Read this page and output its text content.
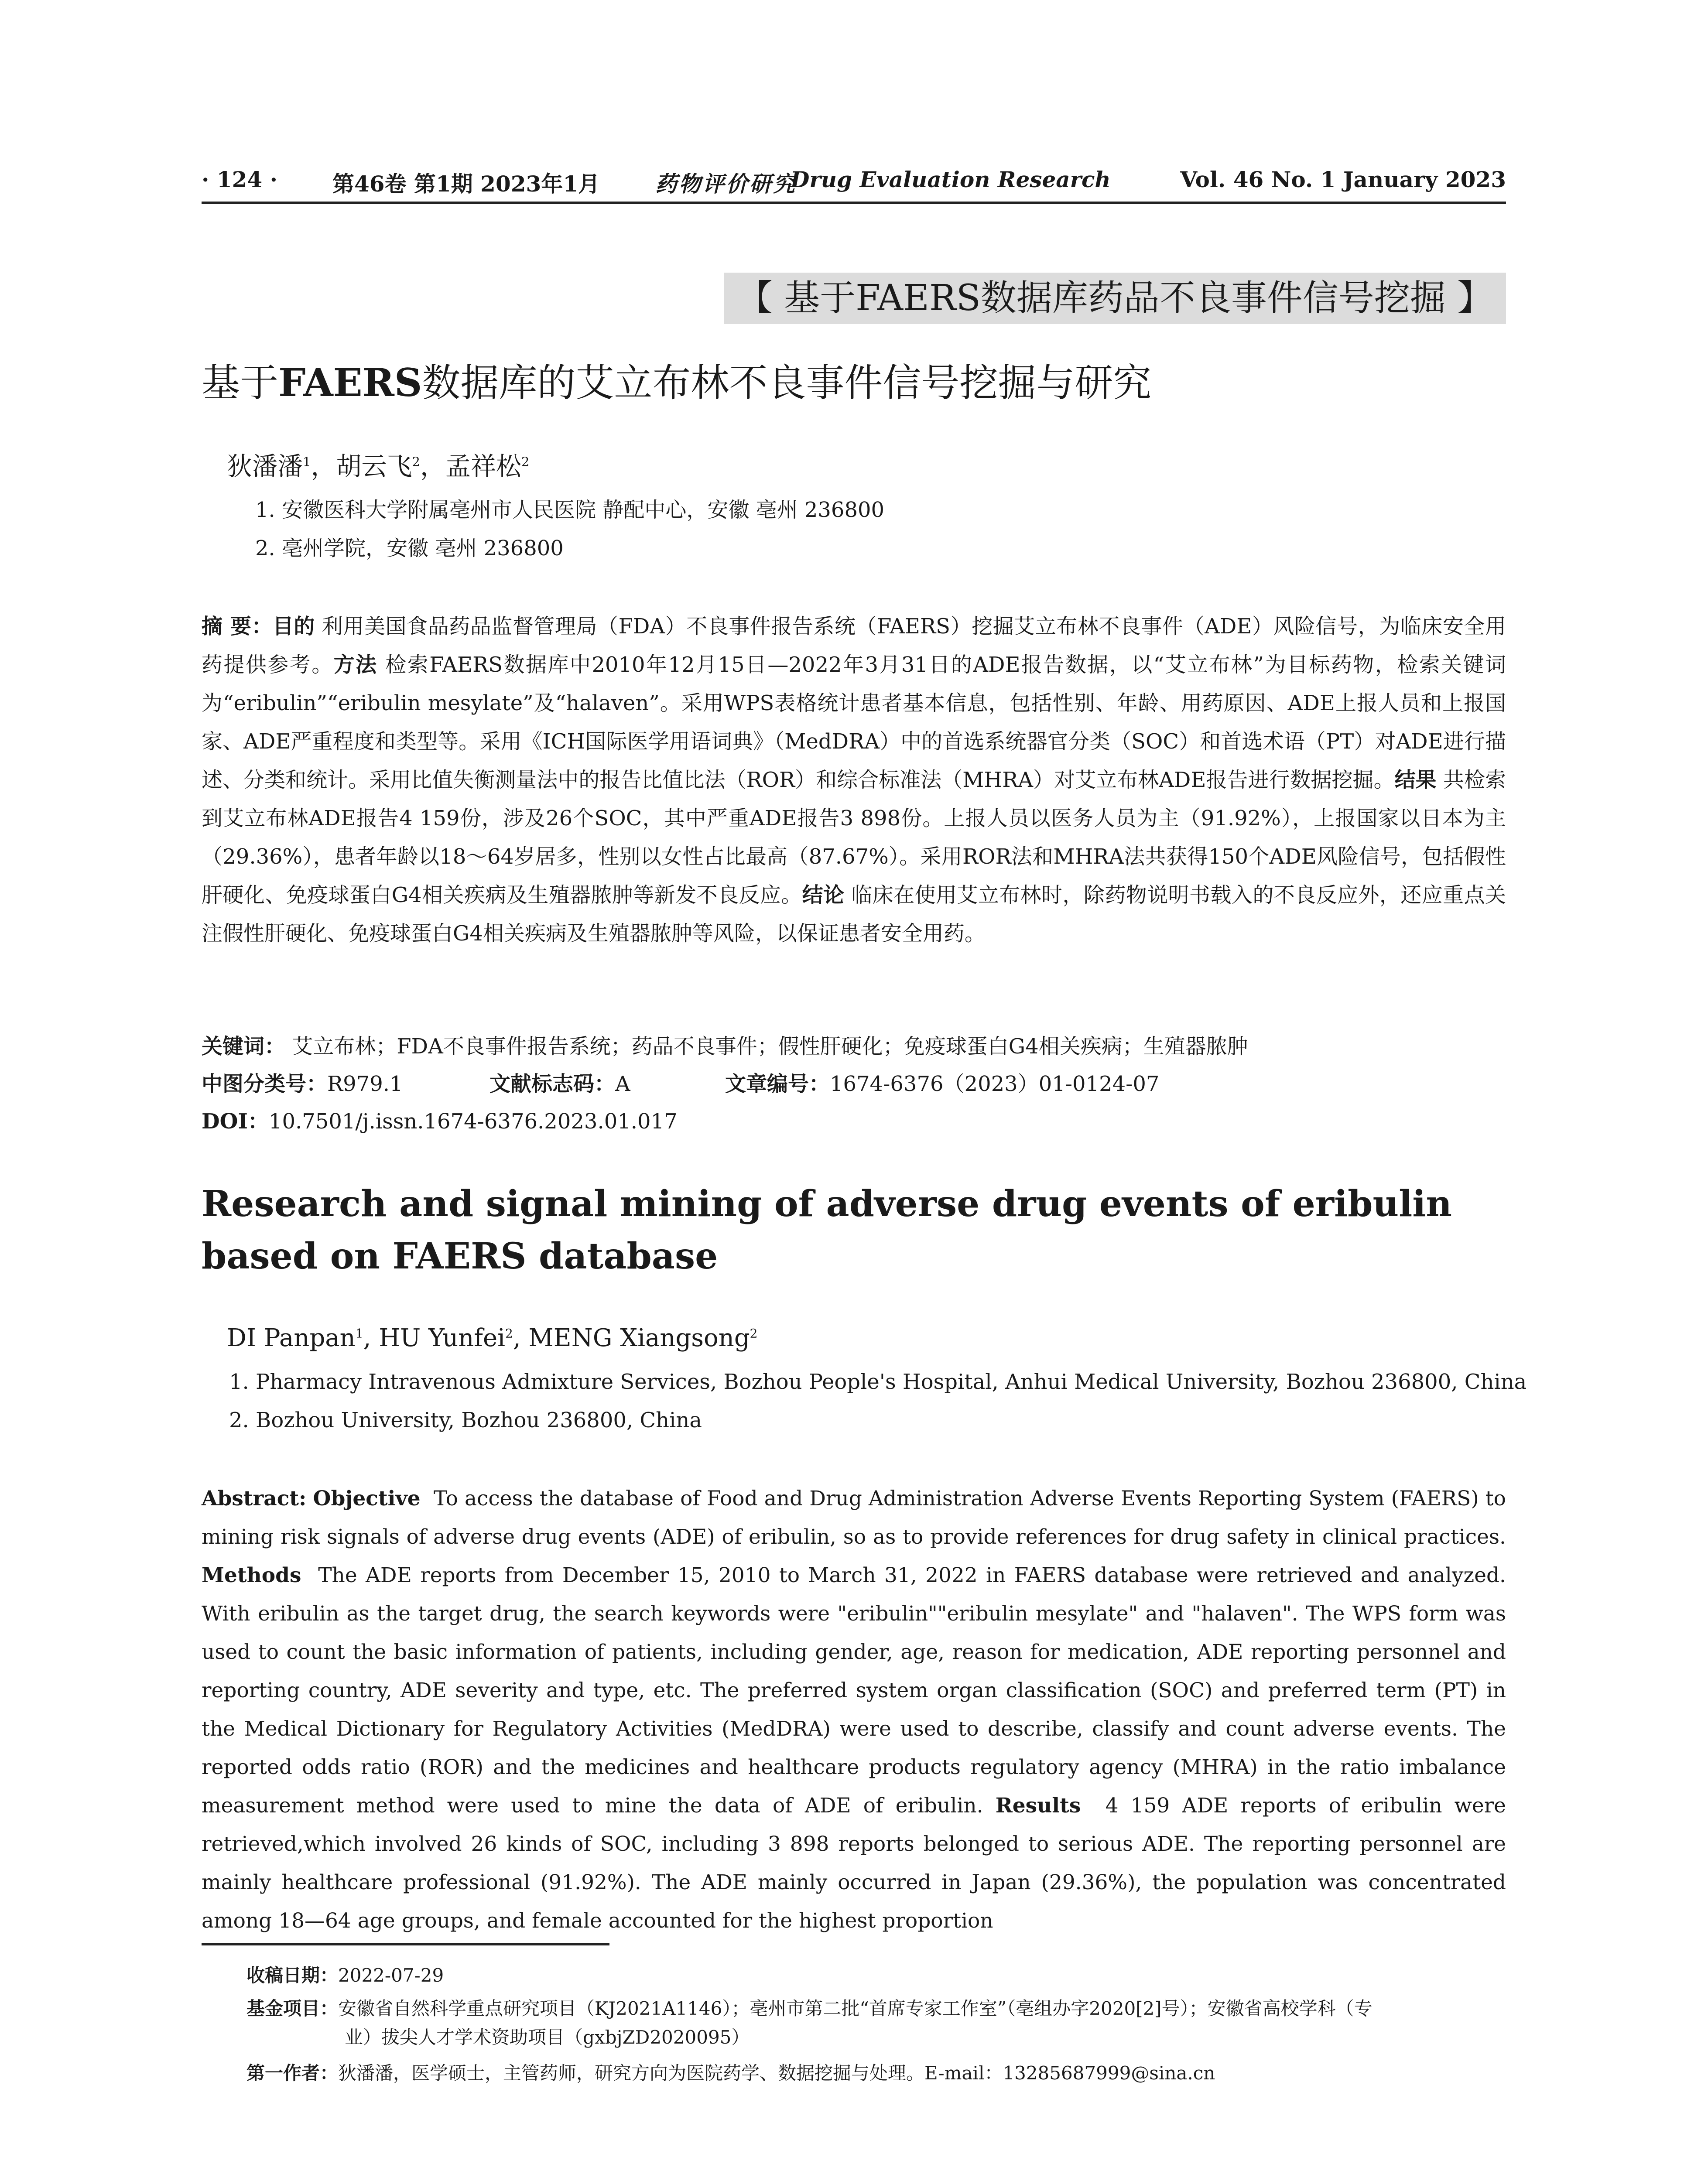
· 124 ·	第46卷 第1期 2023年1月	药物评价研究
Drug Evaluation Research	Vol. 46 No. 1 January 2023
【 基于FAERS数据库药品不良事件信号挖掘 】
基于FAERS数据库的艾立布林不良事件信号挖掘与研究
狄潘潘$^1$，胡云飞$^2$，孟祥松$^2$
1. 安徽医科大学附属亳州市人民医院 静配中心，安徽 亳州 236800
2. 亳州学院，安徽 亳州 236800

摘 要：目的 利用美国食品药品监督管理局（FDA）不良事件报告系统（FAERS）挖掘艾立布林不良事件（ADE）风险信号，为临床安全用药提供参考。方法 检索FAERS数据库中2010年12月15日—2022年3月31日的ADE报告数据，以“艾立布林”为目标药物，检索关键词为“eribulin”“eribulin mesylate”及“halaven”。采用WPS表格统计患者基本信息，包括性别、年龄、用药原因、ADE上报人员和上报国家、ADE严重程度和类型等。采用《ICH国际医学用语词典》（MedDRA）中的首选系统器官分类（SOC）和首选术语（PT）对ADE进行描述、分类和统计。采用比值失衡测量法中的报告比值比法（ROR）和综合标准法（MHRA）对艾立布林ADE报告进行数据挖掘。结果 共检索到艾立布林ADE报告4 159份，涉及26个SOC，其中严重ADE报告3 898份。上报人员以医务人员为主（91.92%），上报国家以日本为主（29.36%），患者年龄以18～64岁居多，性别以女性占比最高（87.67%）。采用ROR法和MHRA法共获得150个ADE风险信号，包括假性肝硬化、免疫球蛋白G4相关疾病及生殖器脓肿等新发不良反应。结论 临床在使用艾立布林时，除药物说明书载入的不良反应外，还应重点关注假性肝硬化、免疫球蛋白G4相关疾病及生殖器脓肿等风险，以保证患者安全用药。

关键词： 艾立布林；FDA不良事件报告系统；药品不良事件；假性肝硬化；免疫球蛋白G4相关疾病；生殖器脓肿
中图分类号：R979.1	文献标志码：A	文章编号：1674-6376（2023）01-0124-07
DOI：10.7501/j.issn.1674-6376.2023.01.017
Research and signal mining of adverse drug events of eribulin based on FAERS database
DI Panpan$^1$, HU Yunfei$^2$, MENG Xiangsong$^2$
1. Pharmacy Intravenous Admixture Services, Bozhou People's Hospital, Anhui Medical University, Bozhou 236800, China
2. Bozhou University, Bozhou 236800, China

Abstract: Objective To access the database of Food and Drug Administration Adverse Events Reporting System (FAERS) to mining risk signals of adverse drug events (ADE) of eribulin, so as to provide references for drug safety in clinical practices. Methods The ADE reports from December 15, 2010 to March 31, 2022 in FAERS database were retrieved and analyzed. With eribulin as the target drug, the search keywords were "eribulin""eribulin mesylate" and "halaven". The WPS form was used to count the basic information of patients, including gender, age, reason for medication, ADE reporting personnel and reporting country, ADE severity and type, etc. The preferred system organ classification (SOC) and preferred term (PT) in the Medical Dictionary for Regulatory Activities (MedDRA) were used to describe, classify and count adverse events. The reported odds ratio (ROR) and the medicines and healthcare products regulatory agency (MHRA) in the ratio imbalance measurement method were used to mine the data of ADE of eribulin. Results 4 159 ADE reports of eribulin were retrieved,which involved 26 kinds of SOC, including 3 898 reports belonged to serious ADE. The reporting personnel are mainly healthcare professional (91.92%). The ADE mainly occurred in Japan (29.36%), the population was concentrated among 18—64 age groups, and female accounted for the highest proportion

收稿日期：2022-07-29
基金项目：安徽省自然科学重点研究项目（KJ2021A1146）；亳州市第二批“首席专家工作室”（亳组办字2020[2]号）；安徽省高校学科（专
业）拔尖人才学术资助项目（gxbjZD2020095）
第一作者：狄潘潘，医学硕士，主管药师，研究方向为医院药学、数据挖掘与处理。E-mail：13285687999@sina.cn
